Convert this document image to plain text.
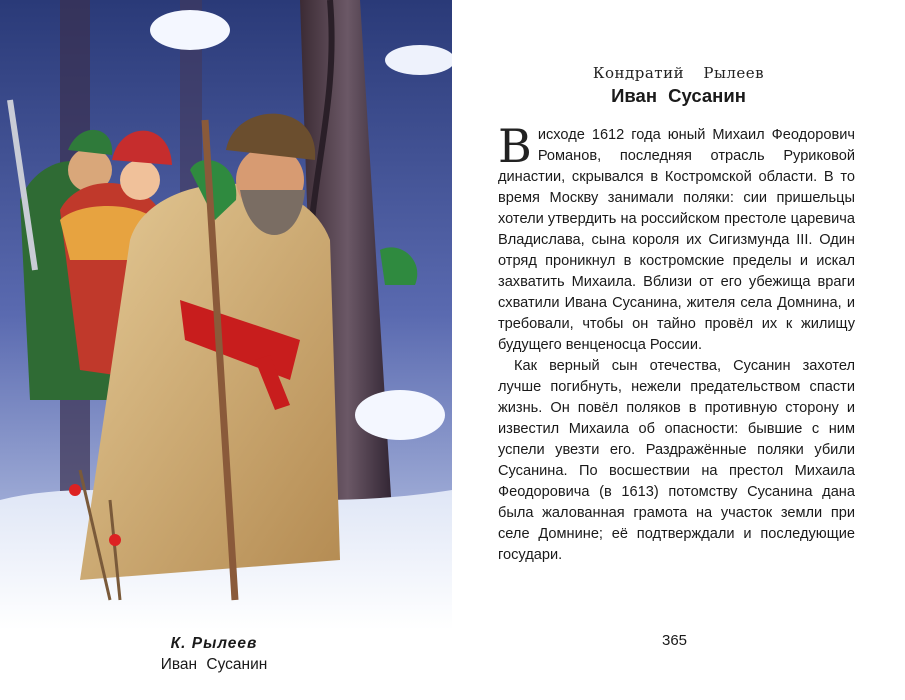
К. Рылеев
Иван Сусанин
Кондратий Рылеев
Иван Сусанин

В исходе 1612 года юный Михаил Феодорович Романов, последняя отрасль Руриковой династии, скрывался в Костромской области. В то время Москву занимали поляки: сии пришельцы хотели утвердить на российском престоле царевича Владислава, сына короля их Сигизмунда III. Один отряд проникнул в костромские пределы и искал захватить Михаила. Вблизи от его убежища враги схватили Ивана Сусанина, жителя села Домнина, и требовали, чтобы он тайно провёл их к жилищу будущего венценосца России.

Как верный сын отечества, Сусанин захотел лучше погибнуть, нежели предательством спасти жизнь. Он повёл поляков в противную сторону и известил Михаила об опасности: бывшие с ним успели увезти его. Раздражённые поляки убили Сусанина. По восшествии на престол Михаила Феодоровича (в 1613) потомству Сусанина дана была жалованная грамота на участок земли при селе Домнине; её подтверждали и последующие государи.

365
